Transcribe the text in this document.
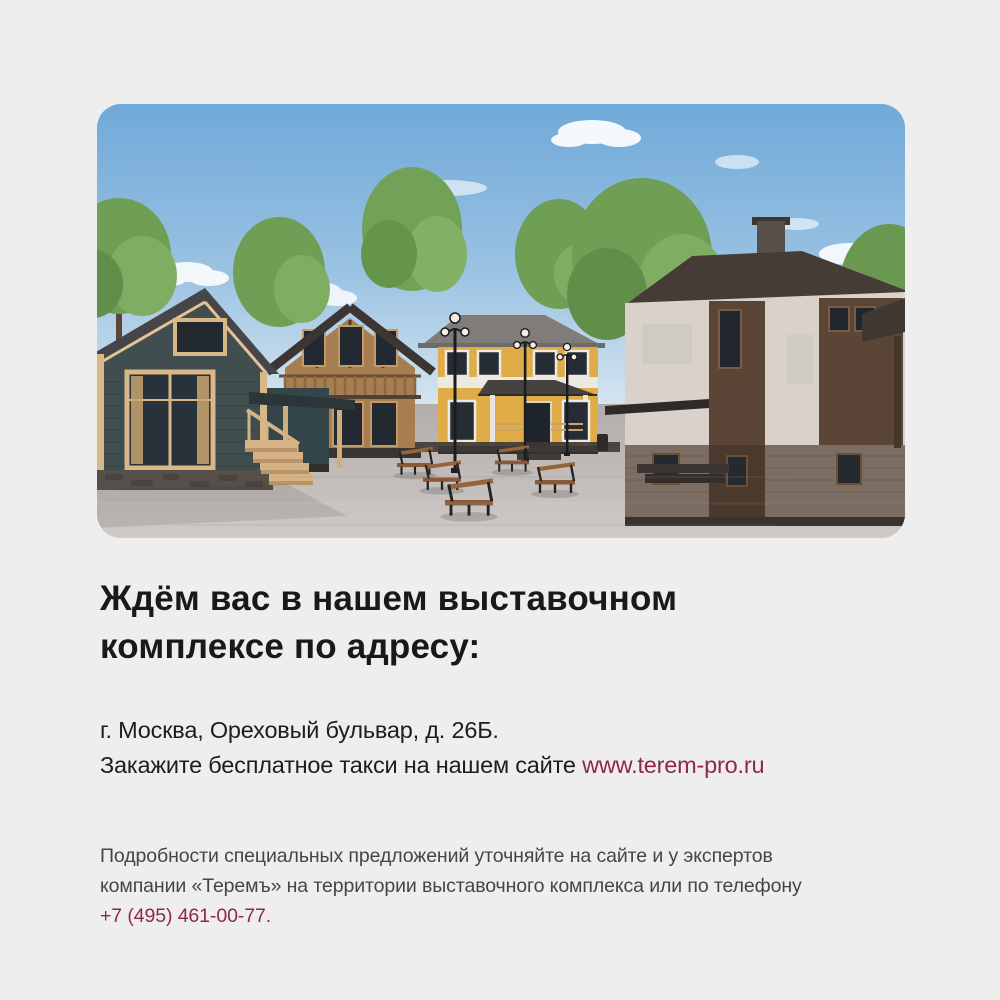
Ждём вас в нашем выставочном
комплексе по адресу:
г. Москва, Ореховый бульвар, д. 26Б.
Закажите бесплатное такси на нашем сайте www.terem-pro.ru
Подробности специальных предложений уточняйте на сайте и у экспертов
компании «Теремъ» на территории выставочного комплекса или по телефону
+7 (495) 461-00-77.
